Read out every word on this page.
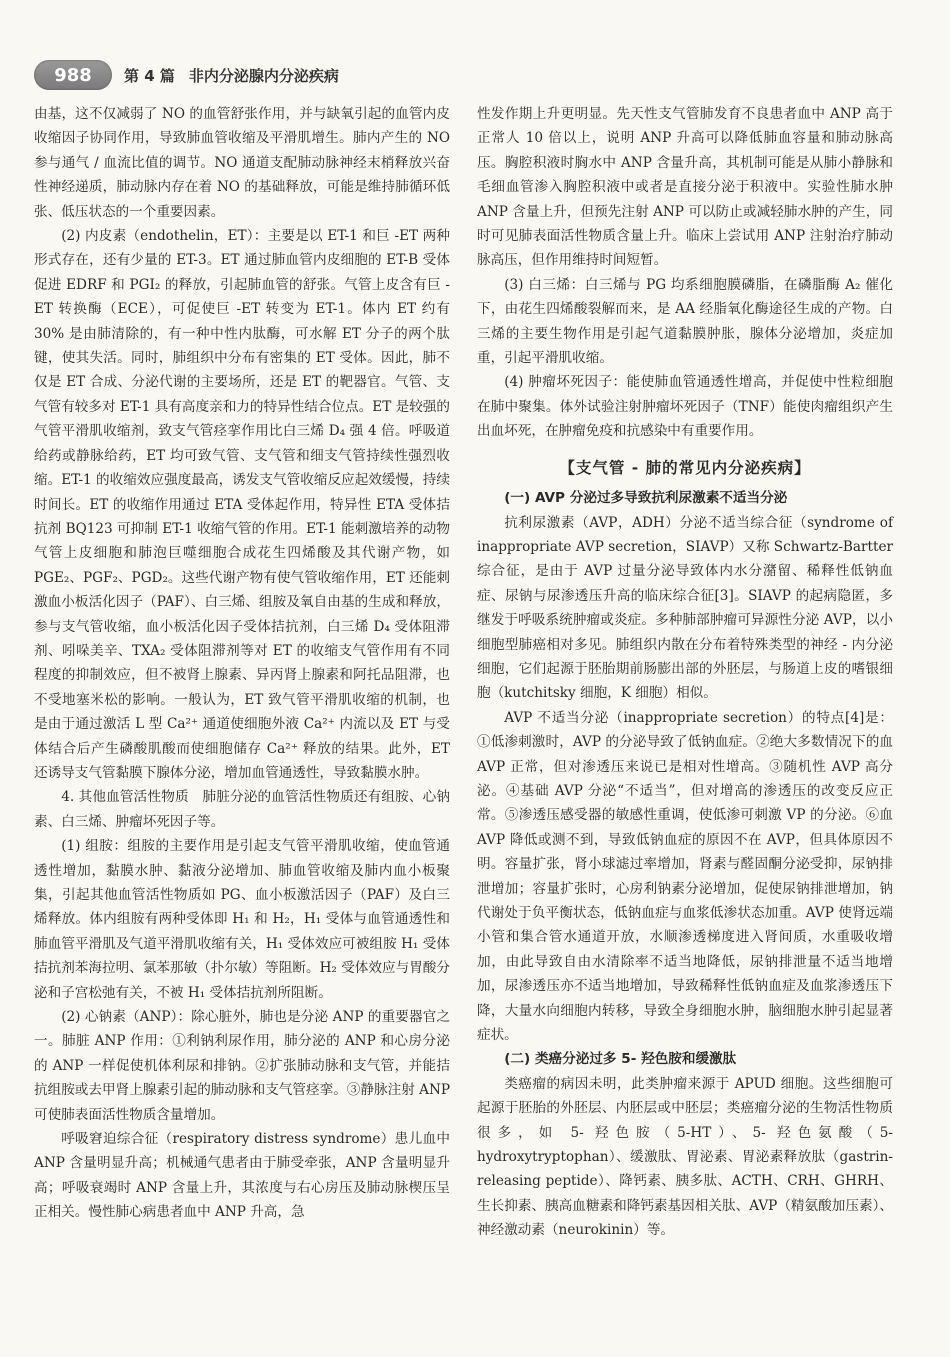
988	第 4 篇 非内分泌腺内分泌疾病

由基，这不仅减弱了 NO 的血管舒张作用，并与缺氧引起的血管内皮收缩因子协同作用，导致肺血管收缩及平滑肌增生。肺内产生的 NO 参与通气 / 血流比值的调节。NO 通道支配肺动脉神经末梢释放兴奋性神经递质，肺动脉内存在着 NO 的基础释放，可能是维持肺循环低张、低压状态的一个重要因素。

(2) 内皮素（endothelin，ET）：主要是以 ET-1 和巨 -ET 两种形式存在，还有少量的 ET-3。ET 通过肺血管内皮细胞的 ET-B 受体促进 EDRF 和 PGI₂ 的释放，引起肺血管的舒张。气管上皮含有巨 -ET 转换酶（ECE），可促使巨 -ET 转变为 ET-1。体内 ET 约有 30% 是由肺清除的，有一种中性内肽酶，可水解 ET 分子的两个肽键，使其失活。同时，肺组织中分布有密集的 ET 受体。因此，肺不仅是 ET 合成、分泌代谢的主要场所，还是 ET 的靶器官。气管、支气管有较多对 ET-1 具有高度亲和力的特异性结合位点。ET 是较强的气管平滑肌收缩剂，致支气管痉挛作用比白三烯 D₄ 强 4 倍。呼吸道给药或静脉给药，ET 均可致气管、支气管和细支气管持续性强烈收缩。ET-1 的收缩效应强度最高，诱发支气管收缩反应起效缓慢，持续时间长。ET 的收缩作用通过 ETA 受体起作用，特异性 ETA 受体拮抗剂 BQ123 可抑制 ET-1 收缩气管的作用。ET-1 能刺激培养的动物气管上皮细胞和肺泡巨噬细胞合成花生四烯酸及其代谢产物，如 PGE₂、PGF₂、PGD₂。这些代谢产物有使气管收缩作用，ET 还能刺激血小板活化因子（PAF）、白三烯、组胺及氧自由基的生成和释放，参与支气管收缩，血小板活化因子受体拮抗剂，白三烯 D₄ 受体阻滞剂、吲哚美辛、TXA₂ 受体阻滞剂等对 ET 的收缩支气管作用有不同程度的抑制效应，但不被肾上腺素、异丙肾上腺素和阿托品阻滞，也不受地塞米松的影响。一般认为，ET 致气管平滑肌收缩的机制，也是由于通过激活 L 型 Ca²⁺ 通道使细胞外液 Ca²⁺ 内流以及 ET 与受体结合后产生磷酸肌酸而使细胞储存 Ca²⁺ 释放的结果。此外，ET 还诱导支气管黏膜下腺体分泌，增加血管通透性，导致黏膜水肿。

4. 其他血管活性物质　肺脏分泌的血管活性物质还有组胺、心钠素、白三烯、肿瘤坏死因子等。

(1) 组胺：组胺的主要作用是引起支气管平滑肌收缩，使血管通透性增加，黏膜水肿、黏液分泌增加、肺血管收缩及肺内血小板聚集，引起其他血管活性物质如 PG、血小板激活因子（PAF）及白三烯释放。体内组胺有两种受体即 H₁ 和 H₂，H₁ 受体与血管通透性和肺血管平滑肌及气道平滑肌收缩有关，H₁ 受体效应可被组胺 H₁ 受体拮抗剂苯海拉明、氯苯那敏（扑尔敏）等阻断。H₂ 受体效应与胃酸分泌和子宫松弛有关，不被 H₁ 受体拮抗剂所阻断。

(2) 心钠素（ANP）：除心脏外，肺也是分泌 ANP 的重要器官之一。肺脏 ANP 作用：①利钠利尿作用，肺分泌的 ANP 和心房分泌的 ANP 一样促使机体利尿和排钠。②扩张肺动脉和支气管，并能拮抗组胺或去甲肾上腺素引起的肺动脉和支气管痉挛。③静脉注射 ANP 可使肺表面活性物质含量增加。

呼吸窘迫综合征（respiratory distress syndrome）患儿血中 ANP 含量明显升高；机械通气患者由于肺受牵张，ANP 含量明显升高；呼吸衰竭时 ANP 含量上升，其浓度与右心房压及肺动脉楔压呈正相关。慢性肺心病患者血中 ANP 升高，急

性发作期上升更明显。先天性支气管肺发育不良患者血中 ANP 高于正常人 10 倍以上，说明 ANP 升高可以降低肺血容量和肺动脉高压。胸腔积液时胸水中 ANP 含量升高，其机制可能是从肺小静脉和毛细血管渗入胸腔积液中或者是直接分泌于积液中。实验性肺水肿 ANP 含量上升，但预先注射 ANP 可以防止或减轻肺水肿的产生，同时可见肺表面活性物质含量上升。临床上尝试用 ANP 注射治疗肺动脉高压，但作用维持时间短暂。

(3) 白三烯：白三烯与 PG 均系细胞膜磷脂，在磷脂酶 A₂ 催化下，由花生四烯酸裂解而来，是 AA 经脂氧化酶途径生成的产物。白三烯的主要生物作用是引起气道黏膜肿胀，腺体分泌增加，炎症加重，引起平滑肌收缩。

(4) 肿瘤坏死因子：能使肺血管通透性增高，并促使中性粒细胞在肺中聚集。体外试验注射肿瘤坏死因子（TNF）能使肉瘤组织产生出血坏死，在肿瘤免疫和抗感染中有重要作用。

【支气管 - 肺的常见内分泌疾病】

(一) AVP 分泌过多导致抗利尿激素不适当分泌

抗利尿激素（AVP，ADH）分泌不适当综合征（syndrome of inappropriate AVP secretion，SIAVP）又称 Schwartz-Bartter 综合征，是由于 AVP 过量分泌导致体内水分潴留、稀释性低钠血症、尿钠与尿渗透压升高的临床综合征[3]。SIAVP 的起病隐匿，多继发于呼吸系统肿瘤或炎症。多种肺部肿瘤可异源性分泌 AVP，以小细胞型肺癌相对多见。肺组织内散在分布着特殊类型的神经 - 内分泌细胞，它们起源于胚胎期前肠膨出部的外胚层，与肠道上皮的嗜银细胞（kutchitsky 细胞，K 细胞）相似。

AVP 不适当分泌（inappropriate secretion）的特点[4]是：①低渗刺激时，AVP 的分泌导致了低钠血症。②绝大多数情况下的血 AVP 正常，但对渗透压来说已是相对性增高。③随机性 AVP 高分泌。④基础 AVP 分泌“不适当”，但对增高的渗透压的改变反应正常。⑤渗透压感受器的敏感性重调，使低渗可刺激 VP 的分泌。⑥血 AVP 降低或测不到，导致低钠血症的原因不在 AVP，但具体原因不明。容量扩张，肾小球滤过率增加，肾素与醛固酮分泌受抑，尿钠排泄增加；容量扩张时，心房利钠素分泌增加，促使尿钠排泄增加，钠代谢处于负平衡状态，低钠血症与血浆低渗状态加重。AVP 使肾远端小管和集合管水通道开放，水顺渗透梯度进入肾间质，水重吸收增加，由此导致自由水清除率不适当地降低，尿钠排泄量不适当地增加，尿渗透压亦不适当地增加，导致稀释性低钠血症及血浆渗透压下降，大量水向细胞内转移，导致全身细胞水肿，脑细胞水肿引起显著症状。

(二) 类癌分泌过多 5- 羟色胺和缓激肽

类癌瘤的病因未明，此类肿瘤来源于 APUD 细胞。这些细胞可起源于胚胎的外胚层、内胚层或中胚层；类癌瘤分泌的生物活性物质很多，如 5- 羟色胺（5-HT）、5- 羟色氨酸（5-hydroxytryptophan）、缓激肽、胃泌素、胃泌素释放肽（gastrin-releasing peptide）、降钙素、胰多肽、ACTH、CRH、GHRH、生长抑素、胰高血糖素和降钙素基因相关肽、AVP（精氨酸加压素）、神经激动素（neurokinin）等。
